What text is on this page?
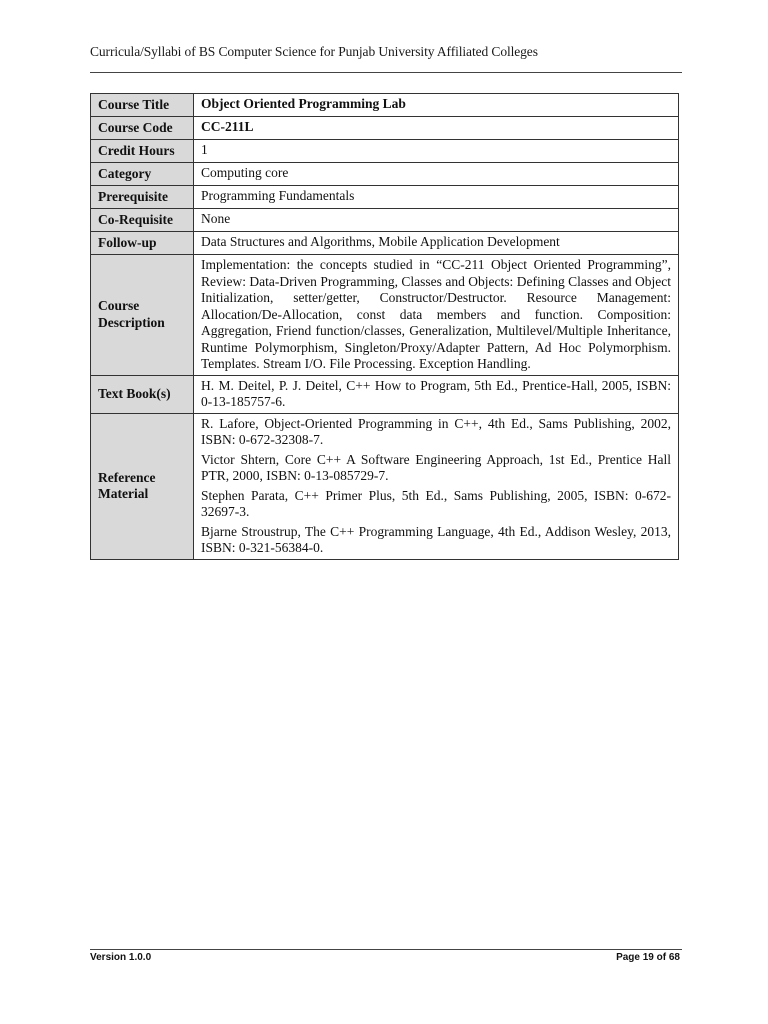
Curricula/Syllabi of BS Computer Science for Punjab University Affiliated Colleges
Course Title	Object Oriented Programming Lab
Course Code	CC-211L
Credit Hours	1
Category	Computing core
Prerequisite	Programming Fundamentals
Co-Requisite	None
Follow-up	Data Structures and Algorithms, Mobile Application Development
Course Description	Implementation: the concepts studied in “CC-211 Object Oriented Programming”, Review: Data-Driven Programming, Classes and Objects: Defining Classes and Object Initialization, setter/getter, Constructor/Destructor. Resource Management: Allocation/De-Allocation, const data members and function. Composition: Aggregation, Friend function/classes, Generalization, Multilevel/Multiple Inheritance, Runtime Polymorphism, Singleton/Proxy/Adapter Pattern, Ad Hoc Polymorphism. Templates. Stream I/O. File Processing. Exception Handling.
Text Book(s)	H. M. Deitel, P. J. Deitel, C++ How to Program, 5th Ed., Prentice-Hall, 2005, ISBN: 0-13-185757-6.
Reference Material	R. Lafore, Object-Oriented Programming in C++, 4th Ed., Sams Publishing, 2002, ISBN: 0-672-32308-7.
Victor Shtern, Core C++ A Software Engineering Approach, 1st Ed., Prentice Hall PTR, 2000, ISBN: 0-13-085729-7.
Stephen Parata, C++ Primer Plus, 5th Ed., Sams Publishing, 2005, ISBN: 0-672-32697-3.
Bjarne Stroustrup, The C++ Programming Language, 4th Ed., Addison Wesley, 2013, ISBN: 0-321-56384-0.
Version 1.0.0	Page 19 of 68
